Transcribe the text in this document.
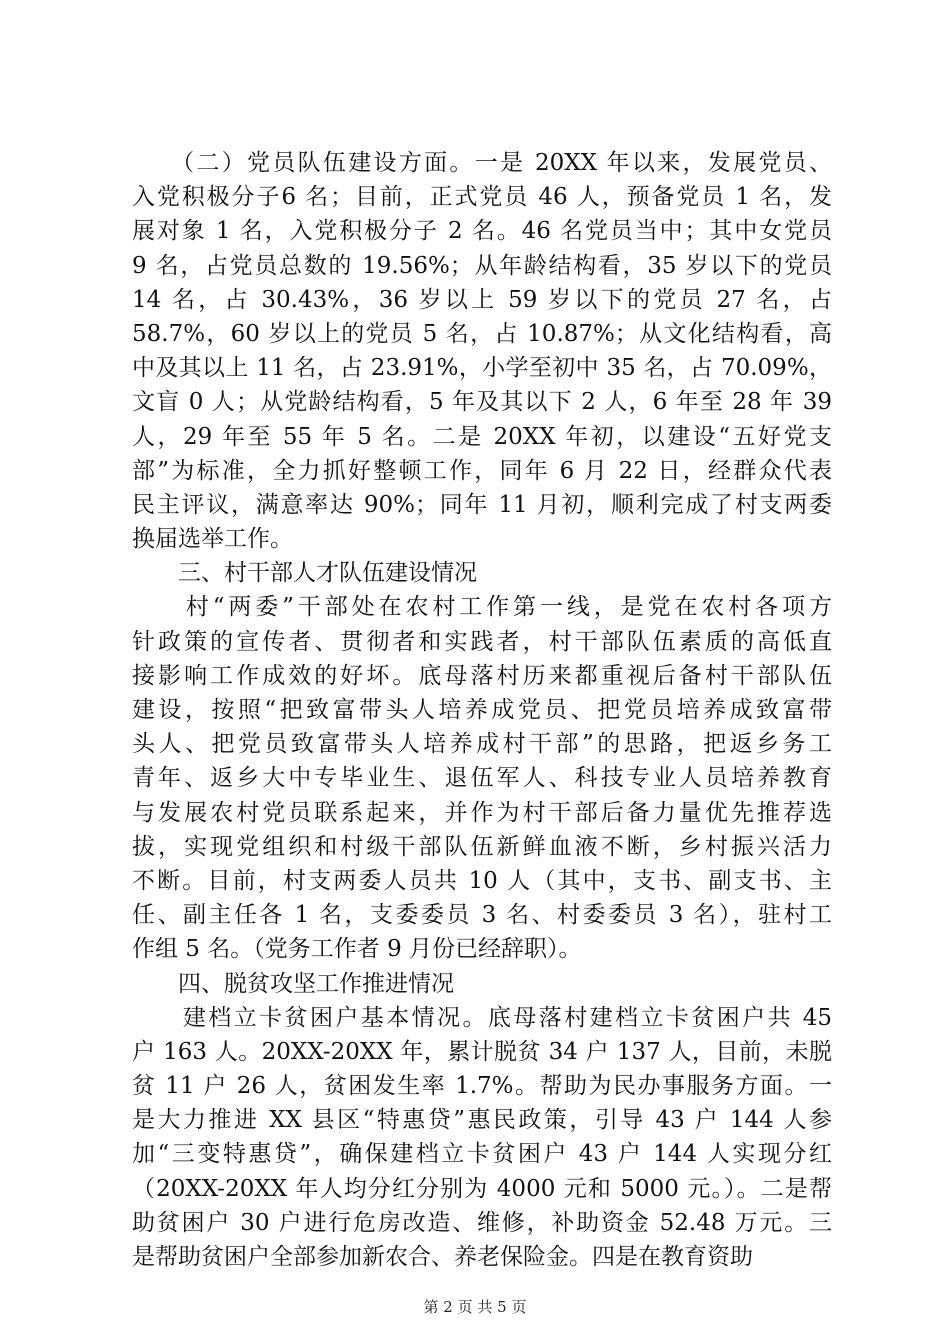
　　（二）党员队伍建设方面。一是 20XX 年以来，发展党员、
入党积极分子6 名；目前，正式党员 46 人，预备党员 1 名，发
展对象 1 名，入党积极分子 2 名。46 名党员当中；其中女党员
9 名，占党员总数的 19.56%；从年龄结构看，35 岁以下的党员
14 名，占 30.43%，36 岁以上 59 岁以下的党员 27 名，占
58.7%，60 岁以上的党员 5 名，占 10.87%；从文化结构看，高
中及其以上 11 名，占 23.91%，小学至初中 35 名，占 70.09%，
文盲 0 人；从党龄结构看，5 年及其以下 2 人，6 年至 28 年 39
人，29 年至 55 年 5 名。二是 20XX 年初，以建设“五好党支
部”为标准，全力抓好整顿工作，同年 6 月 22 日，经群众代表
民主评议，满意率达 90%；同年 11 月初，顺利完成了村支两委
换届选举工作。
　　三、村干部人才队伍建设情况
　　村“两委”干部处在农村工作第一线，是党在农村各项方
针政策的宣传者、贯彻者和实践者，村干部队伍素质的高低直
接影响工作成效的好坏。底母落村历来都重视后备村干部队伍
建设，按照“把致富带头人培养成党员、把党员培养成致富带
头人、把党员致富带头人培养成村干部”的思路，把返乡务工
青年、返乡大中专毕业生、退伍军人、科技专业人员培养教育
与发展农村党员联系起来，并作为村干部后备力量优先推荐选
拔，实现党组织和村级干部队伍新鲜血液不断，乡村振兴活力
不断。目前，村支两委人员共 10 人（其中，支书、副支书、主
任、副主任各 1 名，支委委员 3 名、村委委员 3 名），驻村工
作组 5 名。（党务工作者 9 月份已经辞职）。
　　四、脱贫攻坚工作推进情况
　　建档立卡贫困户基本情况。底母落村建档立卡贫困户共 45
户 163 人。20XX-20XX 年，累计脱贫 34 户 137 人，目前，未脱
贫 11 户 26 人，贫困发生率 1.7%。帮助为民办事服务方面。一
是大力推进 XX 县区“特惠贷”惠民政策，引导 43 户 144 人参
加“三变特惠贷”，确保建档立卡贫困户 43 户 144 人实现分红
（20XX-20XX 年人均分红分别为 4000 元和 5000 元。）。二是帮
助贫困户 30 户进行危房改造、维修，补助资金 52.48 万元。三
是帮助贫困户全部参加新农合、养老保险金。四是在教育资助
第 2 页 共 5 页
